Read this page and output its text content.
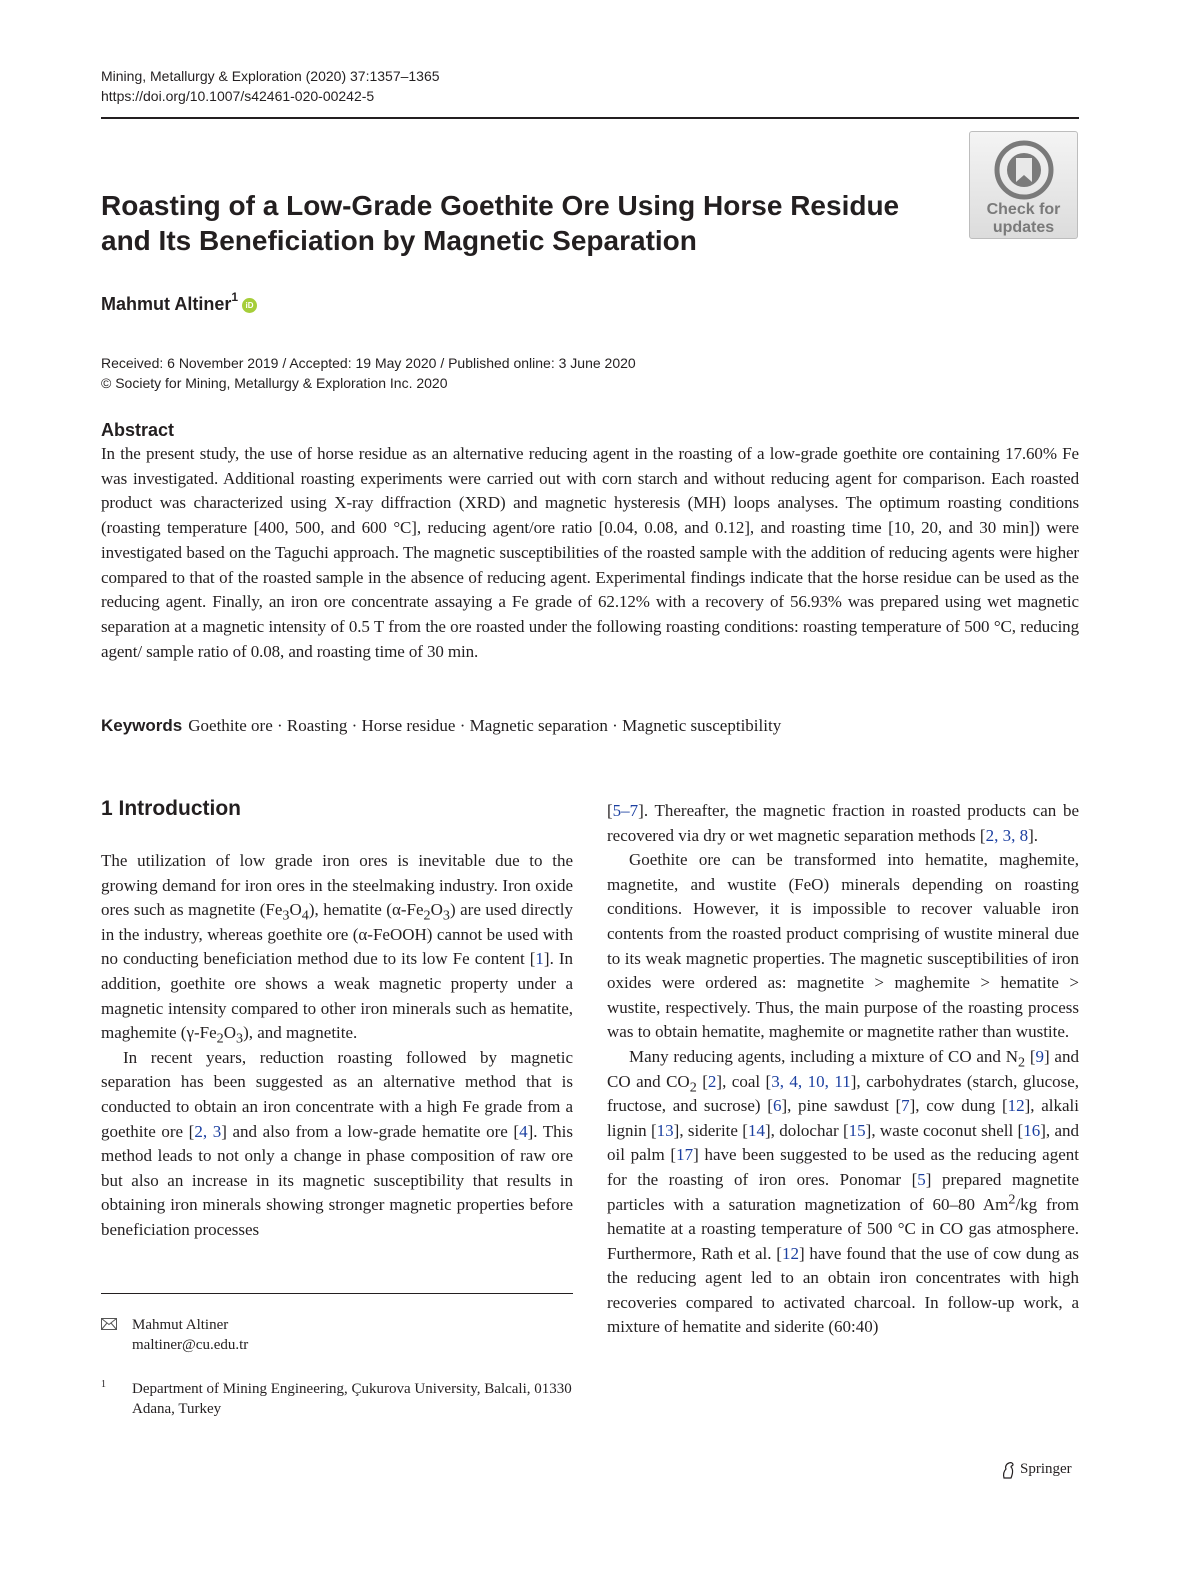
Mining, Metallurgy & Exploration (2020) 37:1357–1365
https://doi.org/10.1007/s42461-020-00242-5
Check for
updates
Roasting of a Low-Grade Goethite Ore Using Horse Residue and Its Beneficiation by Magnetic Separation
Mahmut Altiner$^1$iD
Received: 6 November 2019 / Accepted: 19 May 2020 / Published online: 3 June 2020
© Society for Mining, Metallurgy & Exploration Inc. 2020
Abstract
In the present study, the use of horse residue as an alternative reducing agent in the roasting of a low-grade goethite ore containing 17.60% Fe was investigated. Additional roasting experiments were carried out with corn starch and without reducing agent for comparison. Each roasted product was characterized using X-ray diffraction (XRD) and magnetic hysteresis (MH) loops analyses. The optimum roasting conditions (roasting temperature [400, 500, and 600 °C], reducing agent/ore ratio [0.04, 0.08, and 0.12], and roasting time [10, 20, and 30 min]) were investigated based on the Taguchi approach. The magnetic susceptibilities of the roasted sample with the addition of reducing agents were higher compared to that of the roasted sample in the absence of reducing agent. Experimental findings indicate that the horse residue can be used as the reducing agent. Finally, an iron ore concentrate assaying a Fe grade of 62.12% with a recovery of 56.93% was prepared using wet magnetic separation at a magnetic intensity of 0.5 T from the ore roasted under the following roasting conditions: roasting temperature of 500 °C, reducing agent/ sample ratio of 0.08, and roasting time of 30 min.
Keywords Goethite ore · Roasting · Horse residue · Magnetic separation · Magnetic susceptibility
1 Introduction

The utilization of low grade iron ores is inevitable due to the growing demand for iron ores in the steelmaking industry. Iron oxide ores such as magnetite $(Fe_3O_4)$, hematite $(\alpha-Fe_2O_3)$ are used directly in the industry, whereas goethite ore (α-FeOOH) cannot be used with no conducting beneficiation method due to its low Fe content [1]. In addition, goethite ore shows a weak magnetic property under a magnetic intensity compared to other iron minerals such as hematite, maghemite $(\gamma-Fe_2O_3)$, and magnetite.

In recent years, reduction roasting followed by magnetic separation has been suggested as an alternative method that is conducted to obtain an iron concentrate with a high Fe grade from a goethite ore [2, 3] and also from a low-grade hematite ore [4]. This method leads to not only a change in phase composition of raw ore but also an increase in its magnetic susceptibility that results in obtaining iron minerals showing stronger magnetic properties before beneficiation processes

[5–7]. Thereafter, the magnetic fraction in roasted products can be recovered via dry or wet magnetic separation methods [2, 3, 8].

Goethite ore can be transformed into hematite, maghemite, magnetite, and wustite (FeO) minerals depending on roasting conditions. However, it is impossible to recover valuable iron contents from the roasted product comprising of wustite mineral due to its weak magnetic properties. The magnetic susceptibilities of iron oxides were ordered as: magnetite > maghemite > hematite > wustite, respectively. Thus, the main purpose of the roasting process was to obtain hematite, maghemite or magnetite rather than wustite.

Many reducing agents, including a mixture of CO and $N_2$ [9] and CO and $CO_2$ [2], coal [3, 4, 10, 11], carbohydrates (starch, glucose, fructose, and sucrose) [6], pine sawdust [7], cow dung [12], alkali lignin [13], siderite [14], dolochar [15], waste coconut shell [16], and oil palm [17] have been suggested to be used as the reducing agent for the roasting of iron ores. Ponomar [5] prepared magnetite particles with a saturation magnetization of 60–80 Am$^2$/kg from hematite at a roasting temperature of 500 °C in CO gas atmosphere. Furthermore, Rath et al. [12] have found that the use of cow dung as the reducing agent led to an obtain iron concentrates with high recoveries compared to activated charcoal. In follow-up work, a mixture of hematite and siderite (60:40)

Mahmut Altiner
maltiner@cu.edu.tr
1 Department of Mining Engineering, Çukurova University, Balcali, 01330 Adana, Turkey
Springer
